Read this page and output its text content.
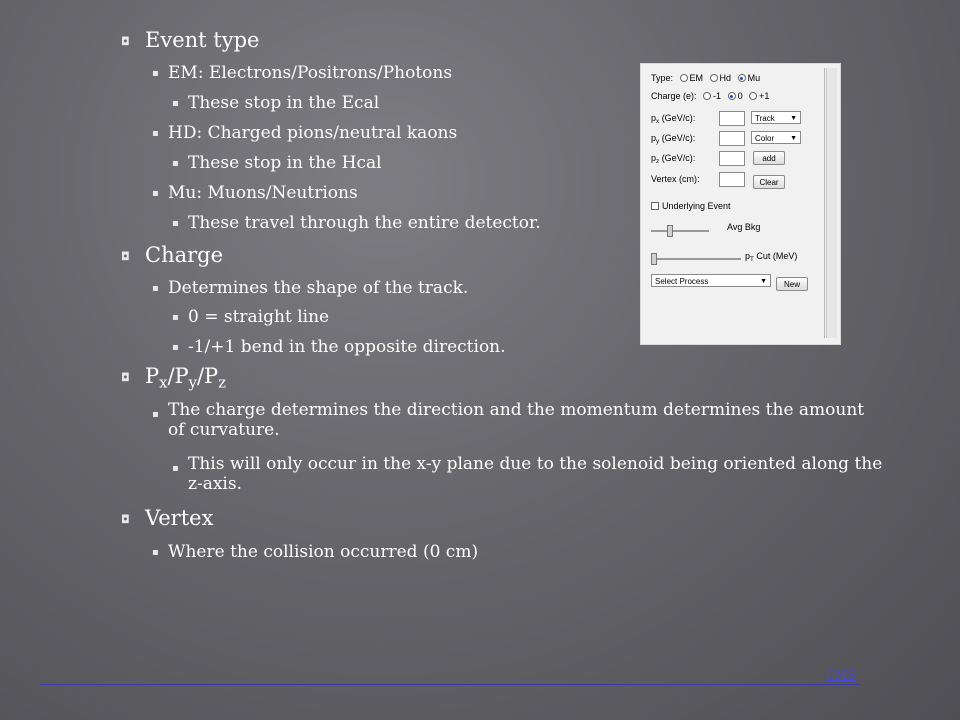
◘ Event type
▪ EM: Electrons/Positrons/Photons
▪ These stop in the Ecal
▪ HD: Charged pions/neutral kaons
▪ These stop in the Hcal
▪ Mu: Muons/Neutrions
▪ These travel through the entire detector.
◘ Charge
▪ Determines the shape of the track.
▪ 0 = straight line
▪ -1/+1 bend in the opposite direction.
◘ $P_x/P_y/P_z$
▪ The charge determines the direction and the momentum determines the amount of curvature.
▪ This will only occur in the x-y plane due to the solenoid being oriented along the z-axis.
◘ Vertex
▪ Where the collision occurred (0 cm)
Type: EM Hd Mu
Charge (e): -1 0 +1
$p_x$ (GeV/c):	Track ▼
$p_y$ (GeV/c):	Color ▼
$p_z$ (GeV/c):	add
Vertex (cm):	Clear
Underlying Event
Avg Bkg
$p_T$ Cut (MeV)
Select Process	▼	New
CMS
